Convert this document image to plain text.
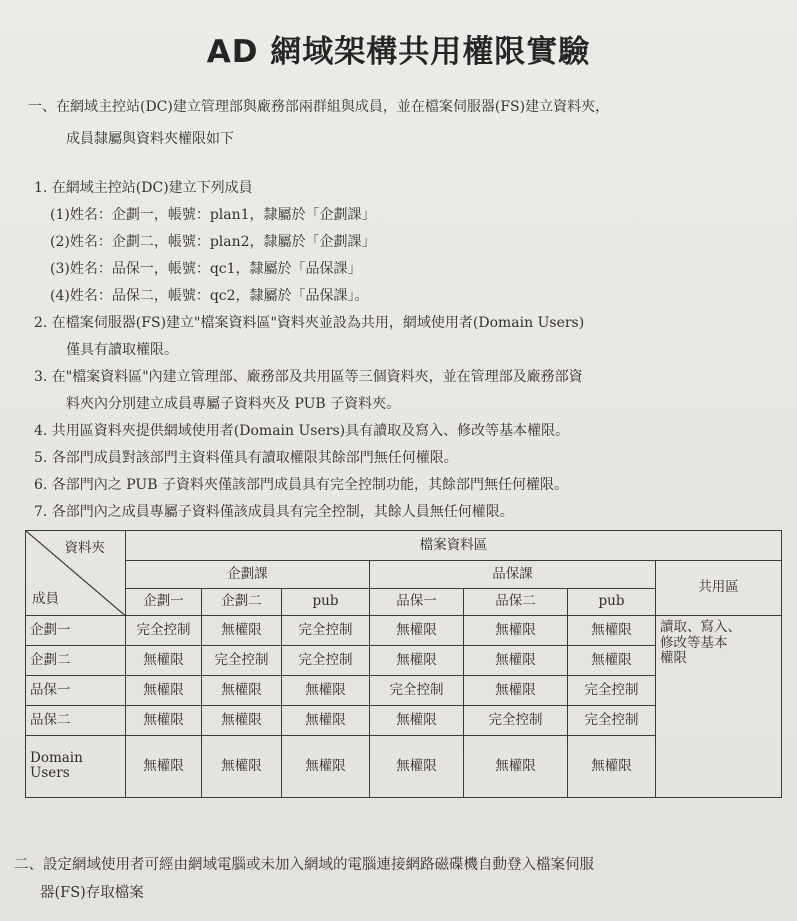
AD 網域架構共用權限實驗
一、在網域主控站(DC)建立管理部與廠務部兩群組與成員，並在檔案伺服器(FS)建立資料夾，
成員隸屬與資料夾權限如下
1. 在網域主控站(DC)建立下列成員
(1)姓名：企劃一，帳號：plan1，隸屬於「企劃課」
(2)姓名：企劃二，帳號：plan2，隸屬於「企劃課」
(3)姓名：品保一，帳號：qc1，隸屬於「品保課」
(4)姓名：品保二，帳號：qc2，隸屬於「品保課」。
2. 在檔案伺服器(FS)建立"檔案資料區"資料夾並設為共用，網域使用者(Domain Users)
僅具有讀取權限。
3. 在"檔案資料區"內建立管理部、廠務部及共用區等三個資料夾，並在管理部及廠務部資
料夾內分別建立成員專屬子資料夾及 PUB 子資料夾。
4. 共用區資料夾提供網域使用者(Domain Users)具有讀取及寫入、修改等基本權限。
5. 各部門成員對該部門主資料僅具有讀取權限其餘部門無任何權限。
6. 各部門內之 PUB 子資料夾僅該部門成員具有完全控制功能，其餘部門無任何權限。
7. 各部門內之成員專屬子資料僅該成員具有完全控制，其餘人員無任何權限。
資料夾
成員	檔案資料區						
	企劃課			品保課			共用區
	企劃一	企劃二	pub	品保一	品保二	pub	
企劃一	完全控制	無權限	完全控制	無權限	無權限	無權限	讀取、寫入、
修改等基本
權限

企劃二	無權限	完全控制	完全控制	無權限	無權限	無權限	
品保一	無權限	無權限	無權限	完全控制	無權限	完全控制	
品保二	無權限	無權限	無權限	無權限	完全控制	完全控制	

Domain
Users	無權限	無權限	無權限	無權限	無權限	無權限	
二、設定網域使用者可經由網域電腦或未加入網域的電腦連接網路磁碟機自動登入檔案伺服
器(FS)存取檔案
